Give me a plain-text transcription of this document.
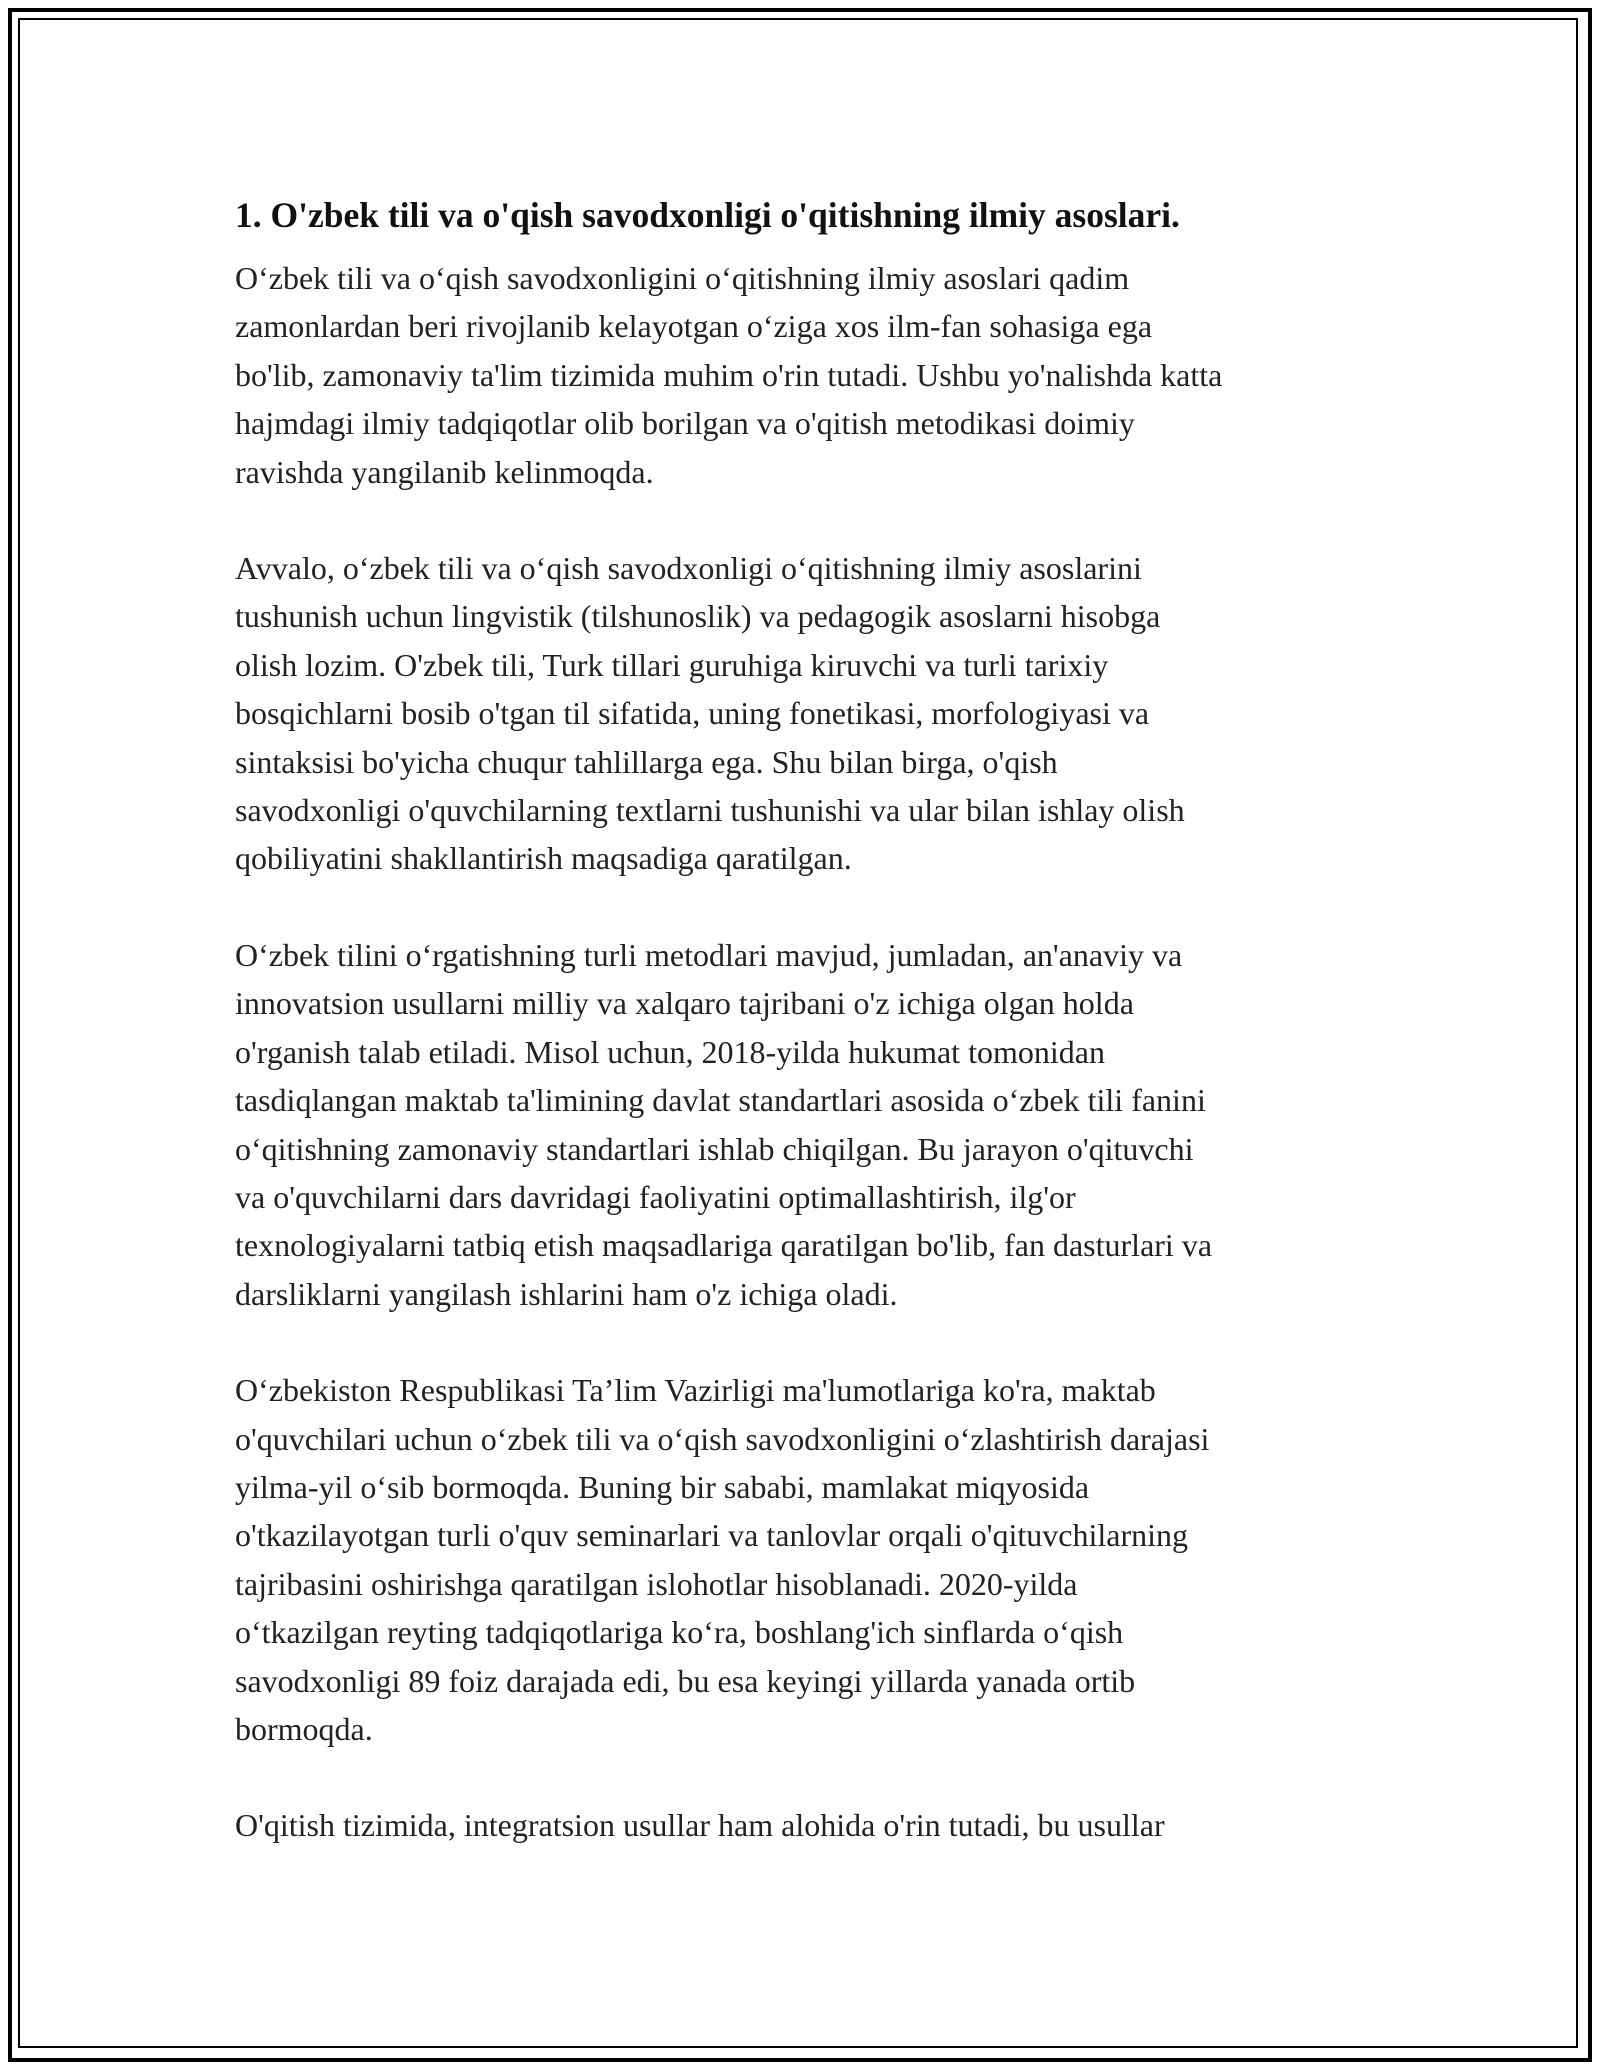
1. O'zbek tili va o'qish savodxonligi o'qitishning ilmiy asoslari.

O‘zbek tili va o‘qish savodxonligini o‘qitishning ilmiy asoslari qadim
zamonlardan beri rivojlanib kelayotgan o‘ziga xos ilm-fan sohasiga ega
bo'lib, zamonaviy ta'lim tizimida muhim o'rin tutadi. Ushbu yo'nalishda katta
hajmdagi ilmiy tadqiqotlar olib borilgan va o'qitish metodikasi doimiy
ravishda yangilanib kelinmoqda.

Avvalo, o‘zbek tili va o‘qish savodxonligi o‘qitishning ilmiy asoslarini
tushunish uchun lingvistik (tilshunoslik) va pedagogik asoslarni hisobga
olish lozim. O'zbek tili, Turk tillari guruhiga kiruvchi va turli tarixiy
bosqichlarni bosib o'tgan til sifatida, uning fonetikasi, morfologiyasi va
sintaksisi bo'yicha chuqur tahlillarga ega. Shu bilan birga, o'qish
savodxonligi o'quvchilarning textlarni tushunishi va ular bilan ishlay olish
qobiliyatini shakllantirish maqsadiga qaratilgan.

O‘zbek tilini o‘rgatishning turli metodlari mavjud, jumladan, an'anaviy va
innovatsion usullarni milliy va xalqaro tajribani o'z ichiga olgan holda
o'rganish talab etiladi. Misol uchun, 2018-yilda hukumat tomonidan
tasdiqlangan maktab ta'limining davlat standartlari asosida o‘zbek tili fanini
o‘qitishning zamonaviy standartlari ishlab chiqilgan. Bu jarayon o'qituvchi
va o'quvchilarni dars davridagi faoliyatini optimallashtirish, ilg'or
texnologiyalarni tatbiq etish maqsadlariga qaratilgan bo'lib, fan dasturlari va
darsliklarni yangilash ishlarini ham o'z ichiga oladi.

O‘zbekiston Respublikasi Ta’lim Vazirligi ma'lumotlariga ko'ra, maktab
o'quvchilari uchun o‘zbek tili va o‘qish savodxonligini o‘zlashtirish darajasi
yilma-yil o‘sib bormoqda. Buning bir sababi, mamlakat miqyosida
o'tkazilayotgan turli o'quv seminarlari va tanlovlar orqali o'qituvchilarning
tajribasini oshirishga qaratilgan islohotlar hisoblanadi. 2020-yilda
o‘tkazilgan reyting tadqiqotlariga ko‘ra, boshlang'ich sinflarda o‘qish
savodxonligi 89 foiz darajada edi, bu esa keyingi yillarda yanada ortib
bormoqda.

O'qitish tizimida, integratsion usullar ham alohida o'rin tutadi, bu usullar
